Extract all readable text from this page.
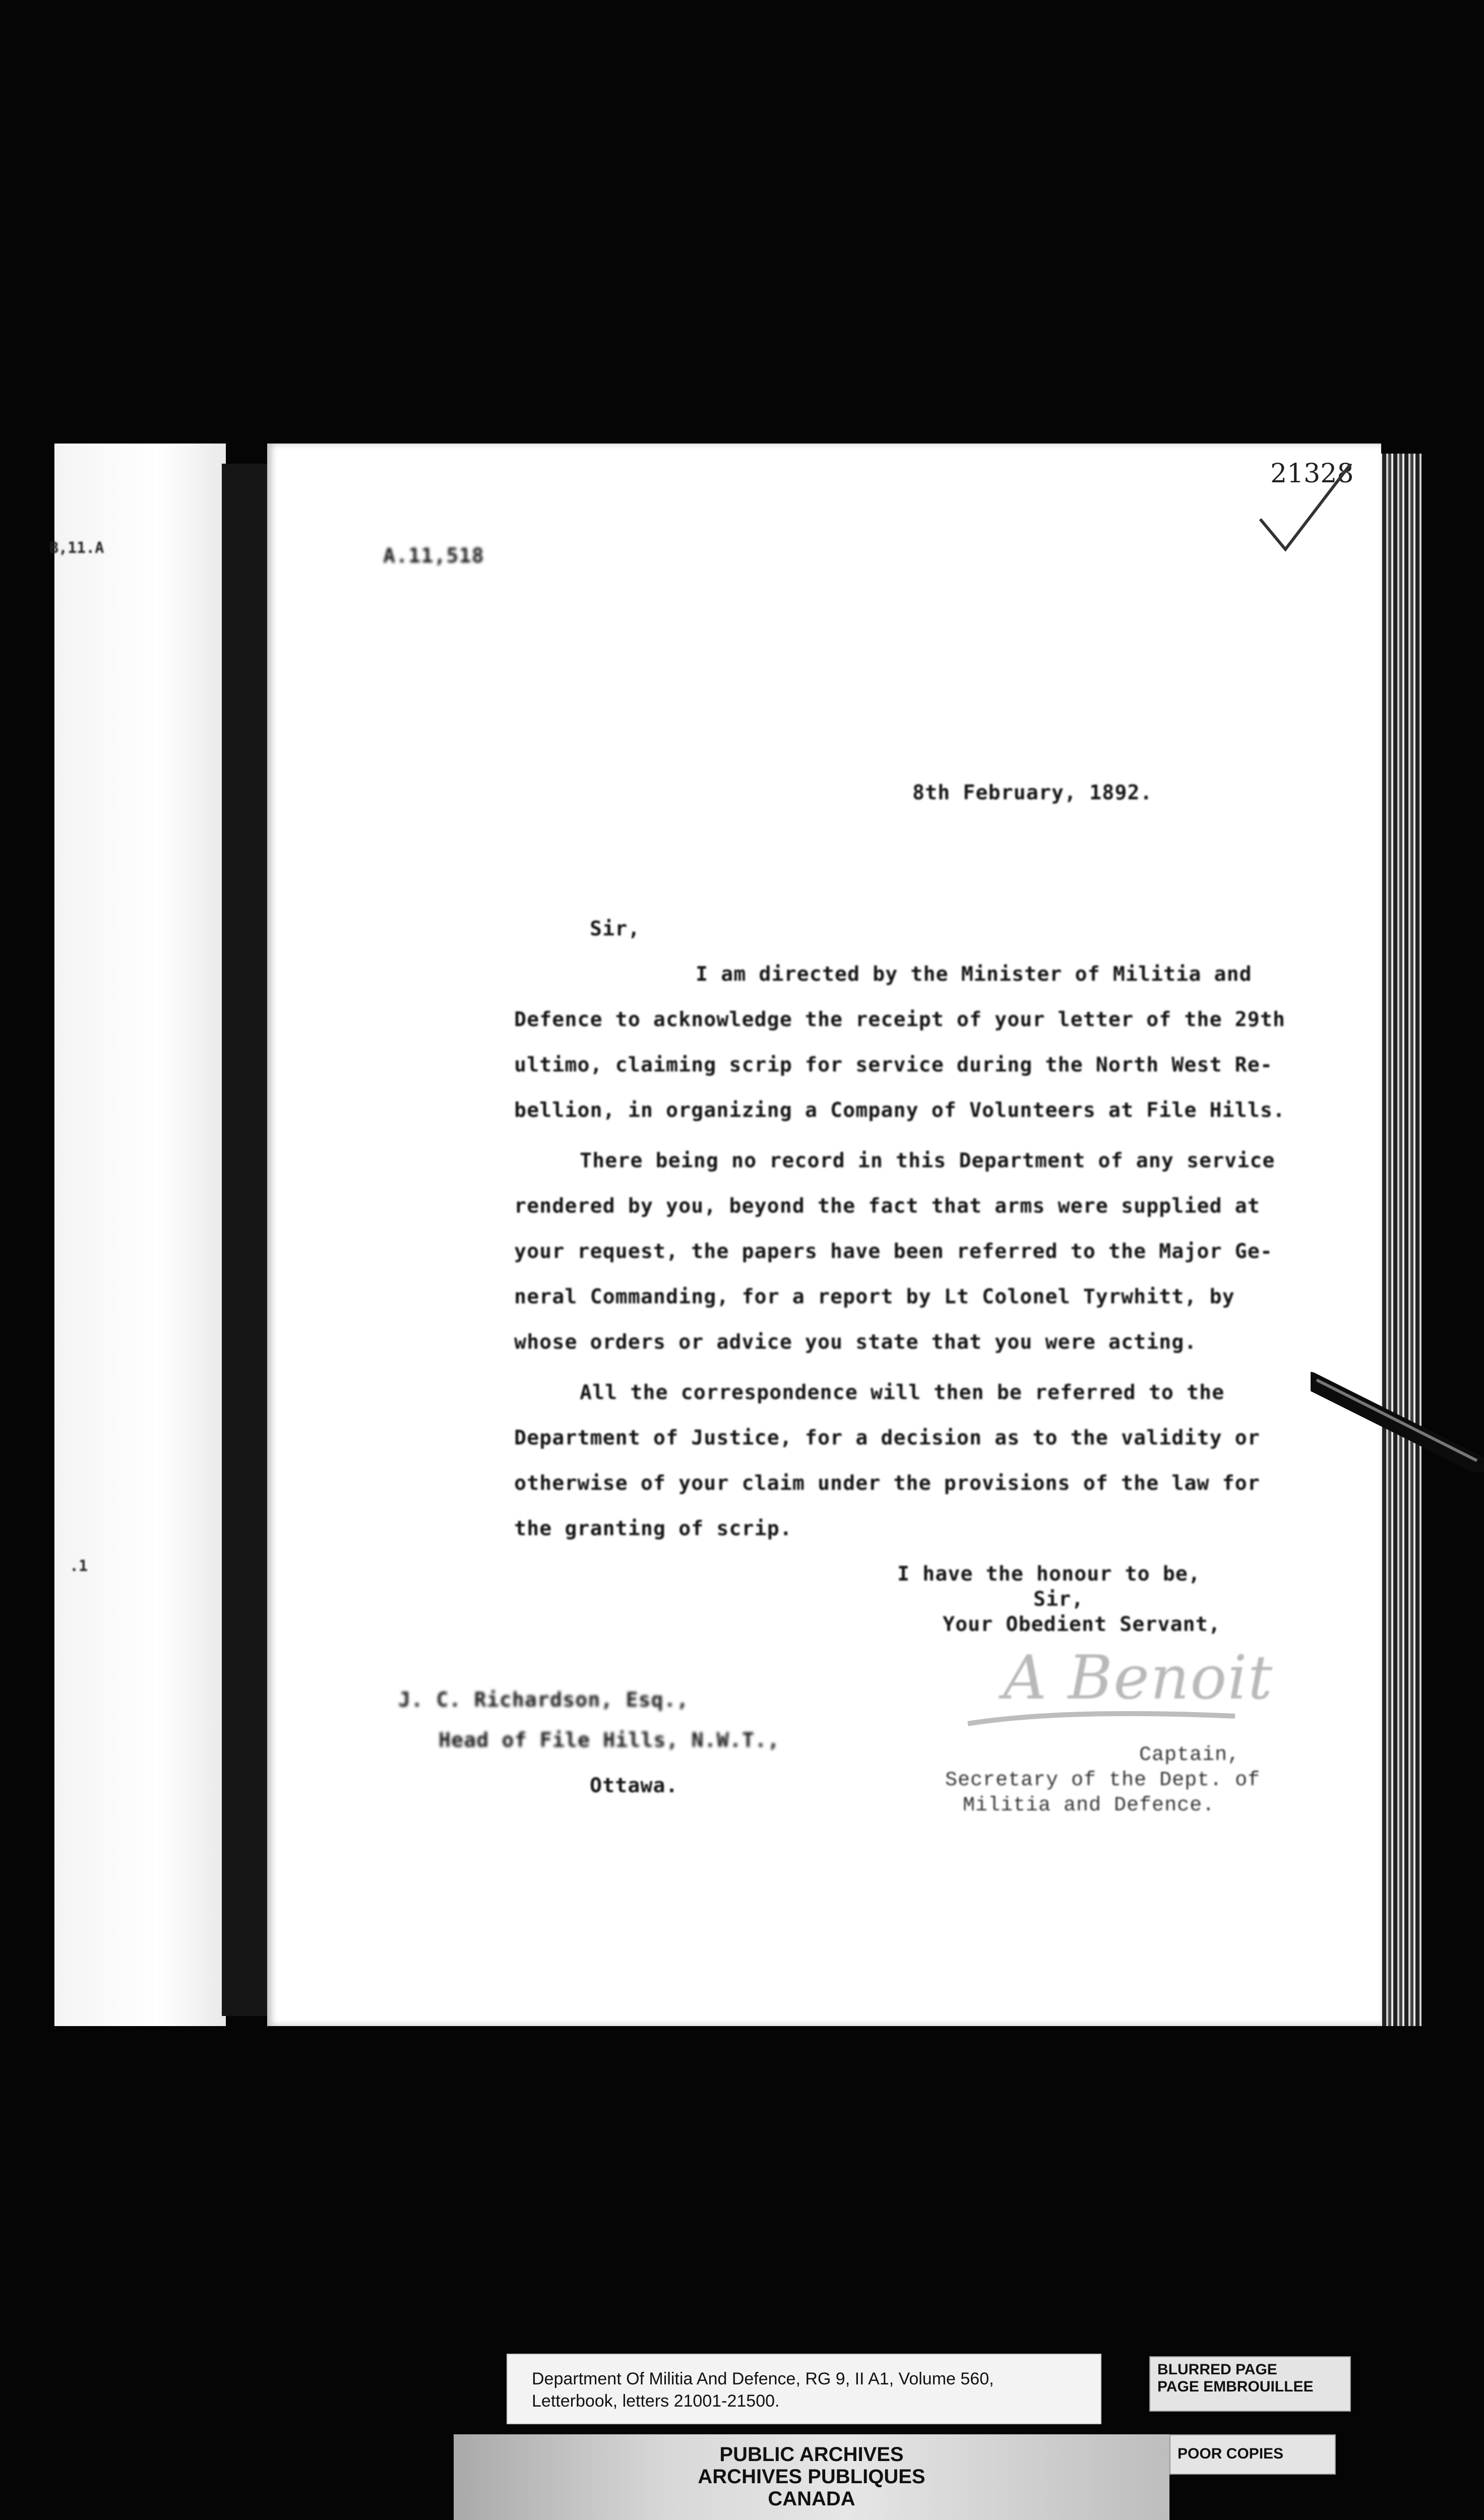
B,11.A
.1
21328
A.11,518
8th February, 1892.
Sir,
I am directed by the Minister of Militia and
Defence to acknowledge the receipt of your letter of the 29th
ultimo, claiming scrip for service during the North West Re-
bellion, in organizing a Company of Volunteers at File Hills.
There being no record in this Department of any service
rendered by you, beyond the fact that arms were supplied at
your request, the papers have been referred to the Major Ge-
neral Commanding, for a report by Lt Colonel Tyrwhitt, by
whose orders or advice you state that you were acting.
All the correspondence will then be referred to the
Department of Justice, for a decision as to the validity or
otherwise of your claim under the provisions of the law for
the granting of scrip.
I have the honour to be,
Sir,
Your Obedient Servant,
A Benoit
J. C. Richardson, Esq.,
Head of File Hills, N.W.T.,
Ottawa.
Captain,
Secretary of the Dept. of
Militia and Defence.
Department Of Militia And Defence, RG 9, II A1, Volume 560,
Letterbook, letters 21001-21500.
PUBLIC ARCHIVES
ARCHIVES PUBLIQUES
CANADA
BLURRED PAGE
PAGE EMBROUILLEE
POOR COPIES
